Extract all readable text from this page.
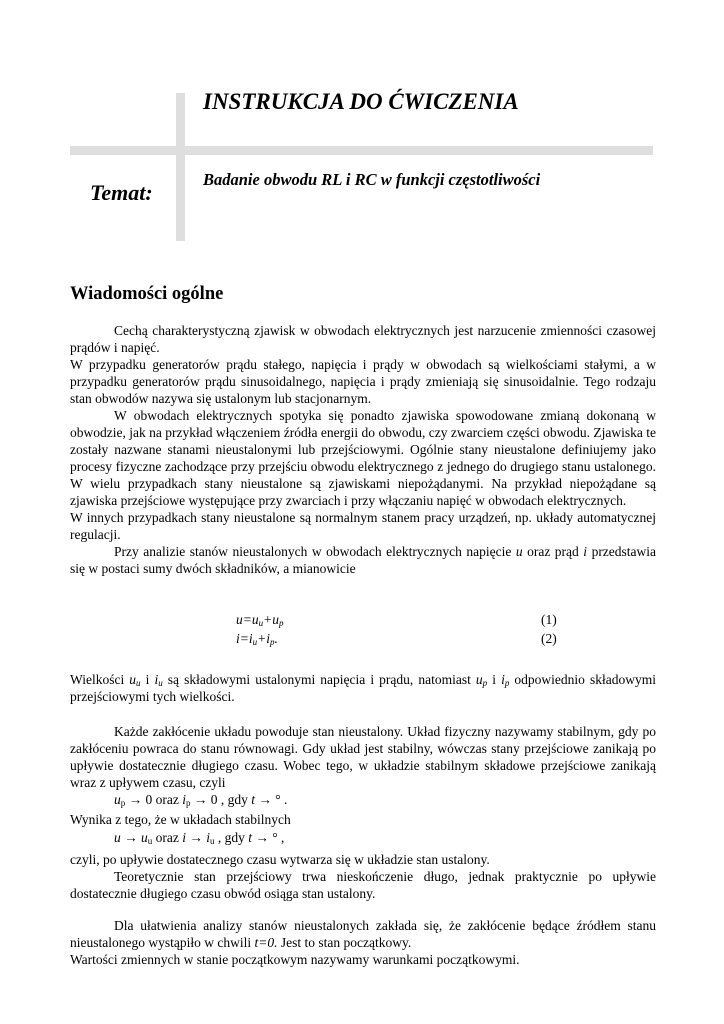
INSTRUKCJA DO ĆWICZENIA
Temat:
Badanie obwodu RL i RC w funkcji częstotliwości
Wiadomości ogólne

Cechą charakterystyczną zjawisk w obwodach elektrycznych jest narzucenie zmienności czasowej prądów i napięć.

W przypadku generatorów prądu stałego, napięcia i prądy w obwodach są wielkościami stałymi, a w przypadku generatorów prądu sinusoidalnego, napięcia i prądy zmieniają się sinusoidalnie. Tego rodzaju stan obwodów nazywa się ustalonym lub stacjonarnym.

W obwodach elektrycznych spotyka się ponadto zjawiska spowodowane zmianą dokonaną w obwodzie, jak na przykład włączeniem źródła energii do obwodu, czy zwarciem części obwodu. Zjawiska te zostały nazwane stanami nieustalonymi lub przejściowymi. Ogólnie stany nieustalone definiujemy jako procesy fizyczne zachodzące przy przejściu obwodu elektrycznego z jednego do drugiego stanu ustalonego. W wielu przypadkach stany nieustalone są zjawiskami niepożądanymi. Na przykład niepożądane są zjawiska przejściowe występujące przy zwarciach i przy włączaniu napięć w obwodach elektrycznych.

W innych przypadkach stany nieustalone są normalnym stanem pracy urządzeń, np. układy automatycznej regulacji.

Przy analizie stanów nieustalonych w obwodach elektrycznych napięcie u oraz prąd i przedstawia się w postaci sumy dwóch składników, a mianowicie

$u=u_u+u_p$	(1)
$i=i_u+i_p$.	(2)

Wielkości $u_u$ i $i_u$ są składowymi ustalonymi napięcia i prądu, natomiast $u_p$ i $i_p$ odpowiednio składowymi przejściowymi tych wielkości.

Każde zakłócenie układu powoduje stan nieustalony. Układ fizyczny nazywamy stabilnym, gdy po zakłóceniu powraca do stanu równowagi. Gdy układ jest stabilny, wówczas stany przejściowe zanikają po upływie dostatecznie długiego czasu. Wobec tego, w układzie stabilnym składowe przejściowe zanikają wraz z upływem czasu, czyli

$u_p \to 0$ oraz $i_p \to 0$ , gdy t → ° .

Wynika z tego, że w układach stabilnych

$u \to u_u$ oraz $i \to i_u$ , gdy t → ° ,

czyli, po upływie dostatecznego czasu wytwarza się w układzie stan ustalony.

Teoretycznie stan przejściowy trwa nieskończenie długo, jednak praktycznie po upływie dostatecznie długiego czasu obwód osiąga stan ustalony.

Dla ułatwienia analizy stanów nieustalonych zakłada się, że zakłócenie będące źródłem stanu nieustalonego wystąpiło w chwili t=0. Jest to stan początkowy.

Wartości zmiennych w stanie początkowym nazywamy warunkami początkowymi.
